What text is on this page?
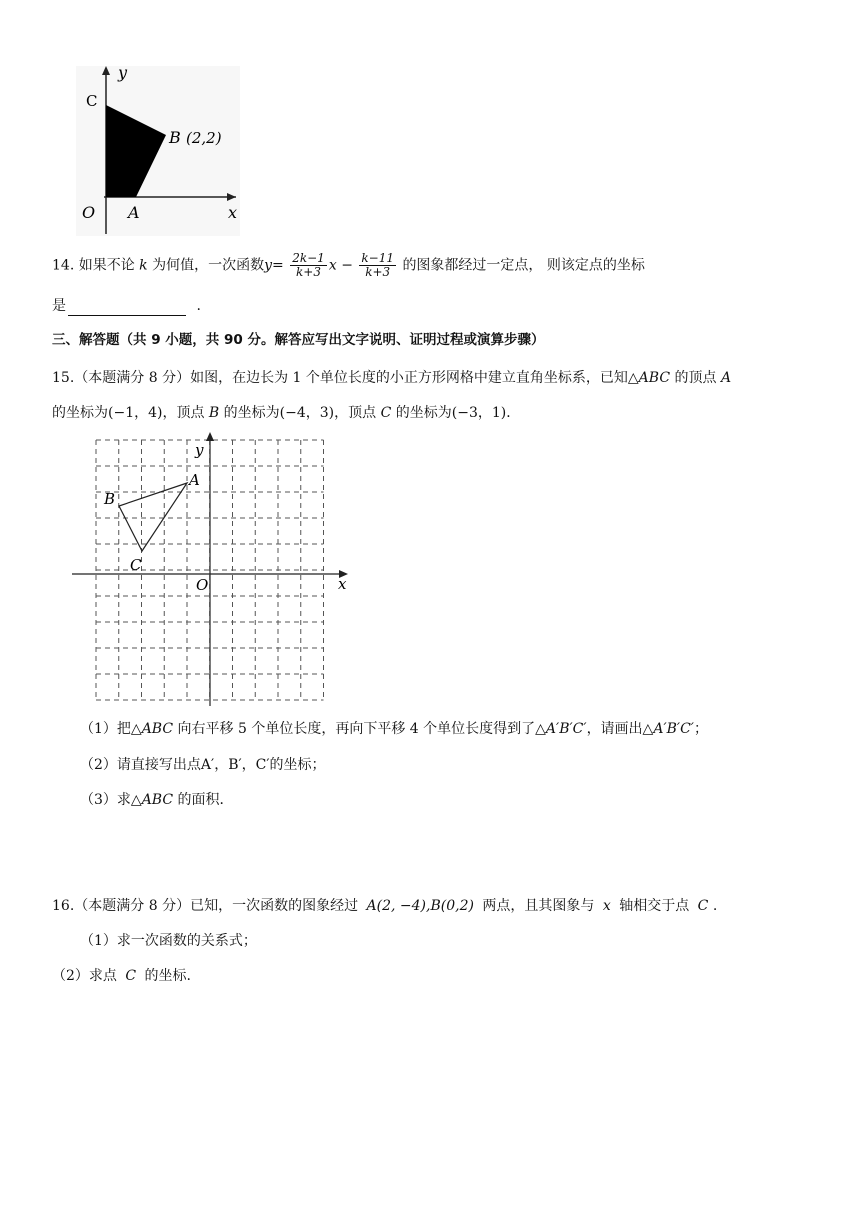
y
x
C
O A
B (2,2)
14. 如果不论 k 为何值，一次函数$y= \frac{2k-1}{k+3}$ $x - \frac{k-11}{k+3}$ 的图象都经过一定点， 则该定点的坐标
是	.
三、解答题（共 9 小题，共 90 分。解答应写出文字说明、证明过程或演算步骤）
15.（本题满分 8 分）如图，在边长为 1 个单位长度的小正方形网格中建立直角坐标系，已知△ABC 的顶点 A
的坐标为(−1，4)，顶点 B 的坐标为(−4，3)，顶点 C 的坐标为(−3，1)．
y
x
O
A
B
C
（1）把△ABC 向右平移 5 个单位长度，再向下平移 4 个单位长度得到了△A′B′C′，请画出△A′B′C′；
（2）请直接写出点A′，B′，C′的坐标；
（3）求△ABC 的面积．
16.（本题满分 8 分）已知，一次函数的图象经过 A(2, −4),B(0,2) 两点，且其图象与 x 轴相交于点 C .
（1）求一次函数的关系式；
（2）求点 C 的坐标.
